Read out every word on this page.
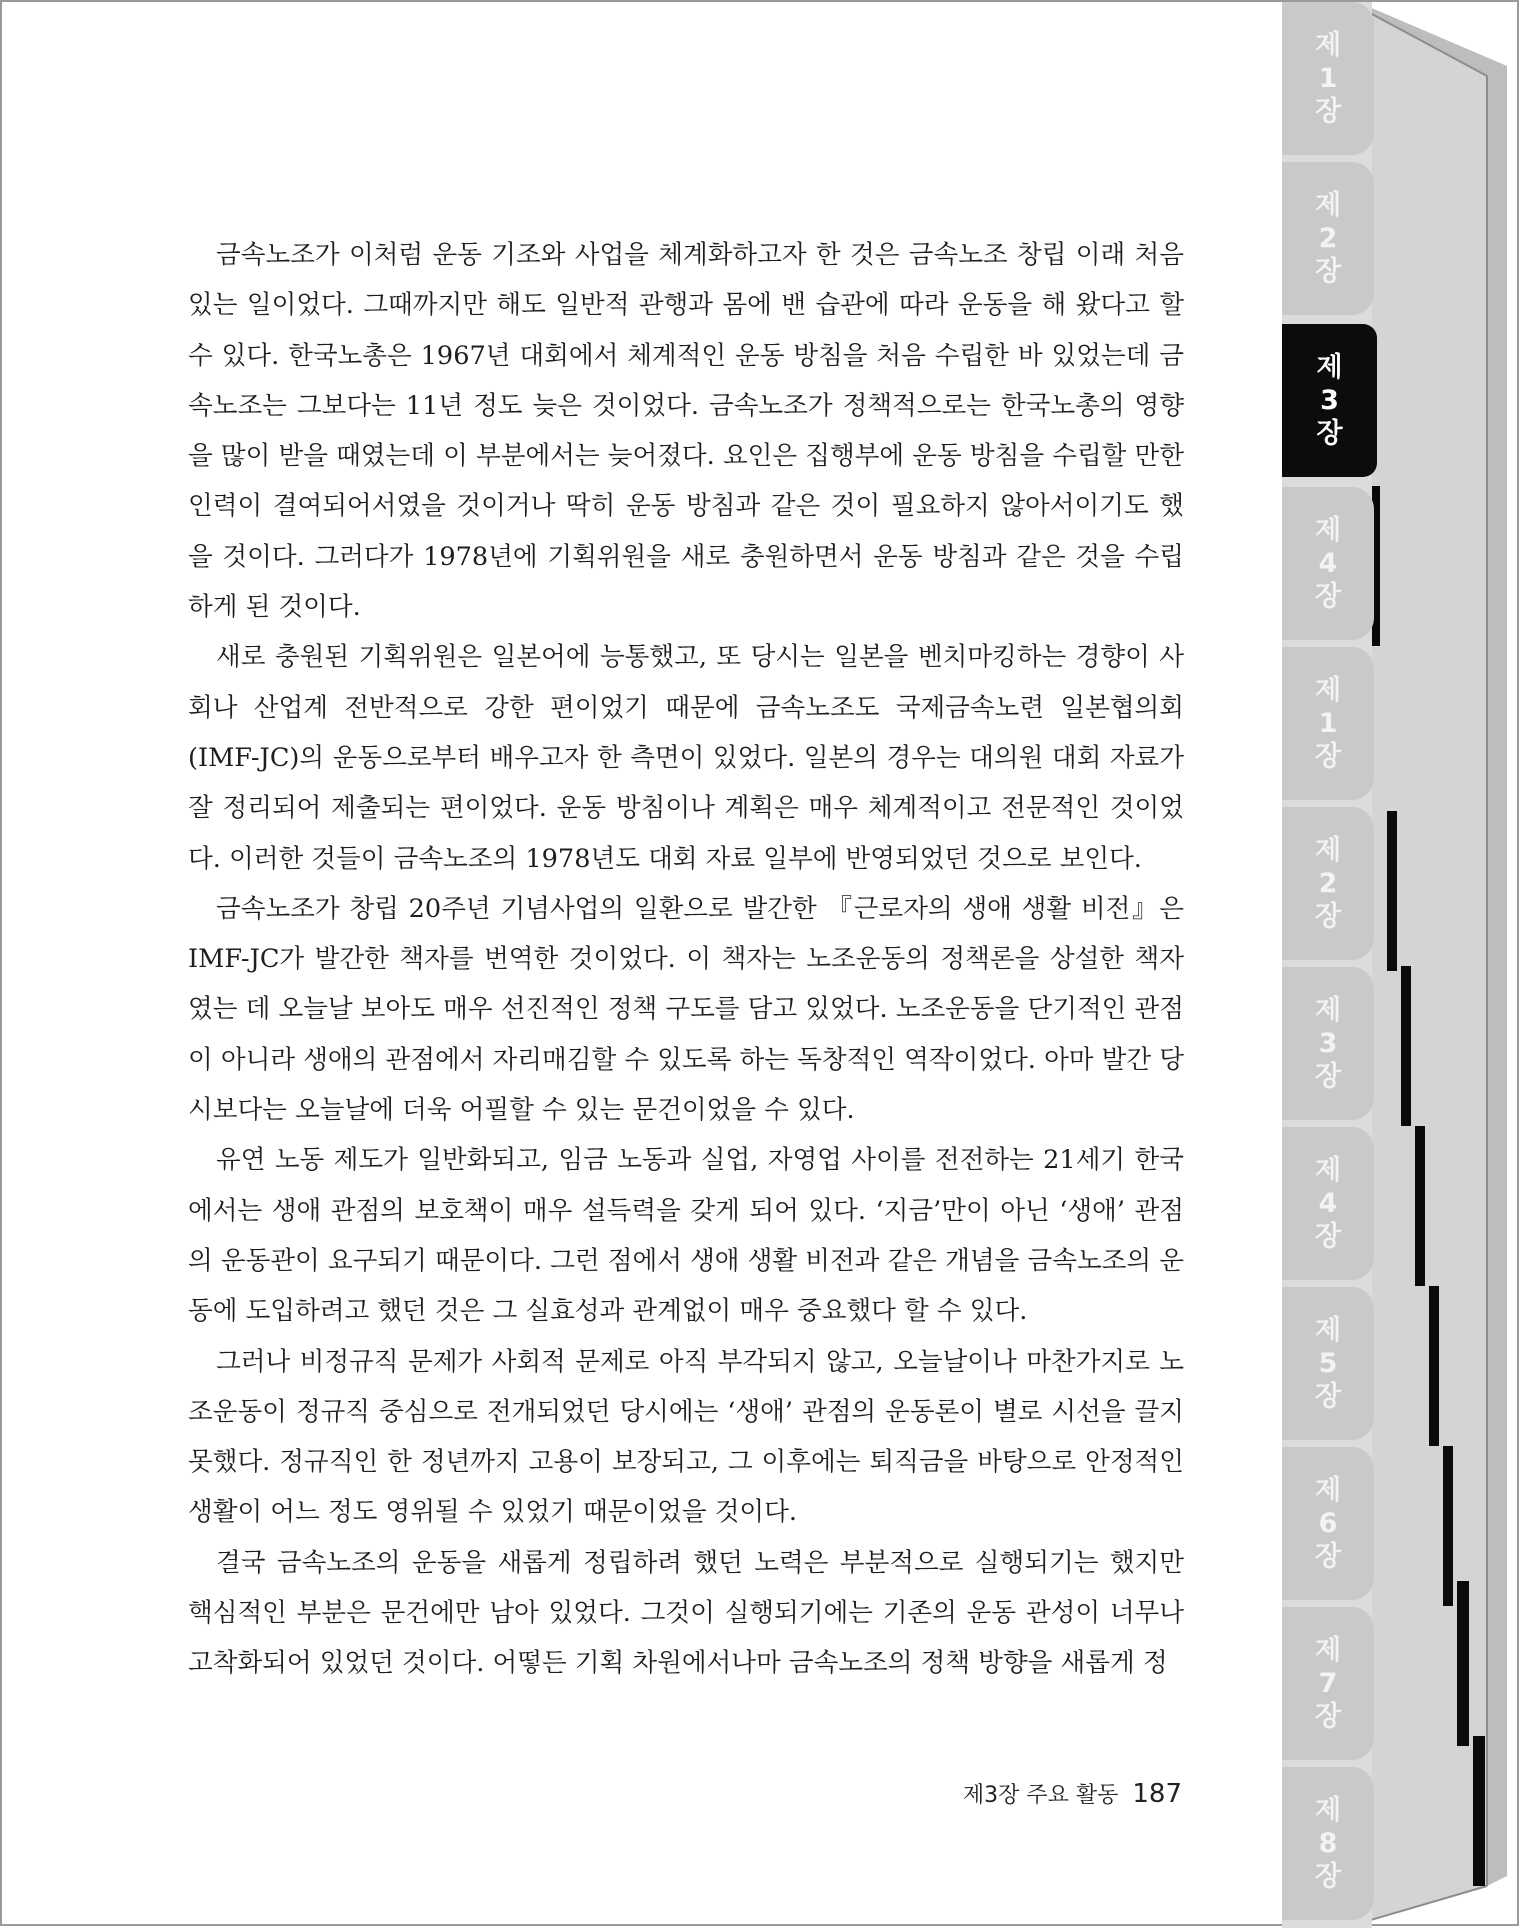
제
1
장
제
2
장
제
3
장
제
4
장
제
1
장
제
2
장
제
3
장
제
4
장
제
5
장
제
6
장
제
7
장
제
8
장

금속노조가 이처럼 운동 기조와 사업을 체계화하고자 한 것은 금속노조 창립 이래 처음 있는 일이었다. 그때까지만 해도 일반적 관행과 몸에 밴 습관에 따라 운동을 해 왔다고 할 수 있다. 한국노총은 1967년 대회에서 체계적인 운동 방침을 처음 수립한 바 있었는데 금속노조는 그보다는 11년 정도 늦은 것이었다. 금속노조가 정책적으로는 한국노총의 영향을 많이 받을 때였는데 이 부분에서는 늦어졌다. 요인은 집행부에 운동 방침을 수립할 만한 인력이 결여되어서였을 것이거나 딱히 운동 방침과 같은 것이 필요하지 않아서이기도 했을 것이다. 그러다가 1978년에 기획위원을 새로 충원하면서 운동 방침과 같은 것을 수립하게 된 것이다.

새로 충원된 기획위원은 일본어에 능통했고, 또 당시는 일본을 벤치마킹하는 경향이 사회나 산업계 전반적으로 강한 편이었기 때문에 금속노조도 국제금속노련 일본협의회(IMF-JC)의 운동으로부터 배우고자 한 측면이 있었다. 일본의 경우는 대의원 대회 자료가 잘 정리되어 제출되는 편이었다. 운동 방침이나 계획은 매우 체계적이고 전문적인 것이었다. 이러한 것들이 금속노조의 1978년도 대회 자료 일부에 반영되었던 것으로 보인다.

금속노조가 창립 20주년 기념사업의 일환으로 발간한 『근로자의 생애 생활 비전』은 IMF-JC가 발간한 책자를 번역한 것이었다. 이 책자는 노조운동의 정책론을 상설한 책자였는 데 오늘날 보아도 매우 선진적인 정책 구도를 담고 있었다. 노조운동을 단기적인 관점이 아니라 생애의 관점에서 자리매김할 수 있도록 하는 독창적인 역작이었다. 아마 발간 당시보다는 오늘날에 더욱 어필할 수 있는 문건이었을 수 있다.

유연 노동 제도가 일반화되고, 임금 노동과 실업, 자영업 사이를 전전하는 21세기 한국에서는 생애 관점의 보호책이 매우 설득력을 갖게 되어 있다. ‘지금’만이 아닌 ‘생애’ 관점의 운동관이 요구되기 때문이다. 그런 점에서 생애 생활 비전과 같은 개념을 금속노조의 운동에 도입하려고 했던 것은 그 실효성과 관계없이 매우 중요했다 할 수 있다.

그러나 비정규직 문제가 사회적 문제로 아직 부각되지 않고, 오늘날이나 마찬가지로 노조운동이 정규직 중심으로 전개되었던 당시에는 ‘생애’ 관점의 운동론이 별로 시선을 끌지 못했다. 정규직인 한 정년까지 고용이 보장되고, 그 이후에는 퇴직금을 바탕으로 안정적인 생활이 어느 정도 영위될 수 있었기 때문이었을 것이다.

결국 금속노조의 운동을 새롭게 정립하려 했던 노력은 부분적으로 실행되기는 했지만 핵심적인 부분은 문건에만 남아 있었다. 그것이 실행되기에는 기존의 운동 관성이 너무나 고착화되어 있었던 것이다. 어떻든 기획 차원에서나마 금속노조의 정책 방향을 새롭게 정

제3장 주요 활동 187
